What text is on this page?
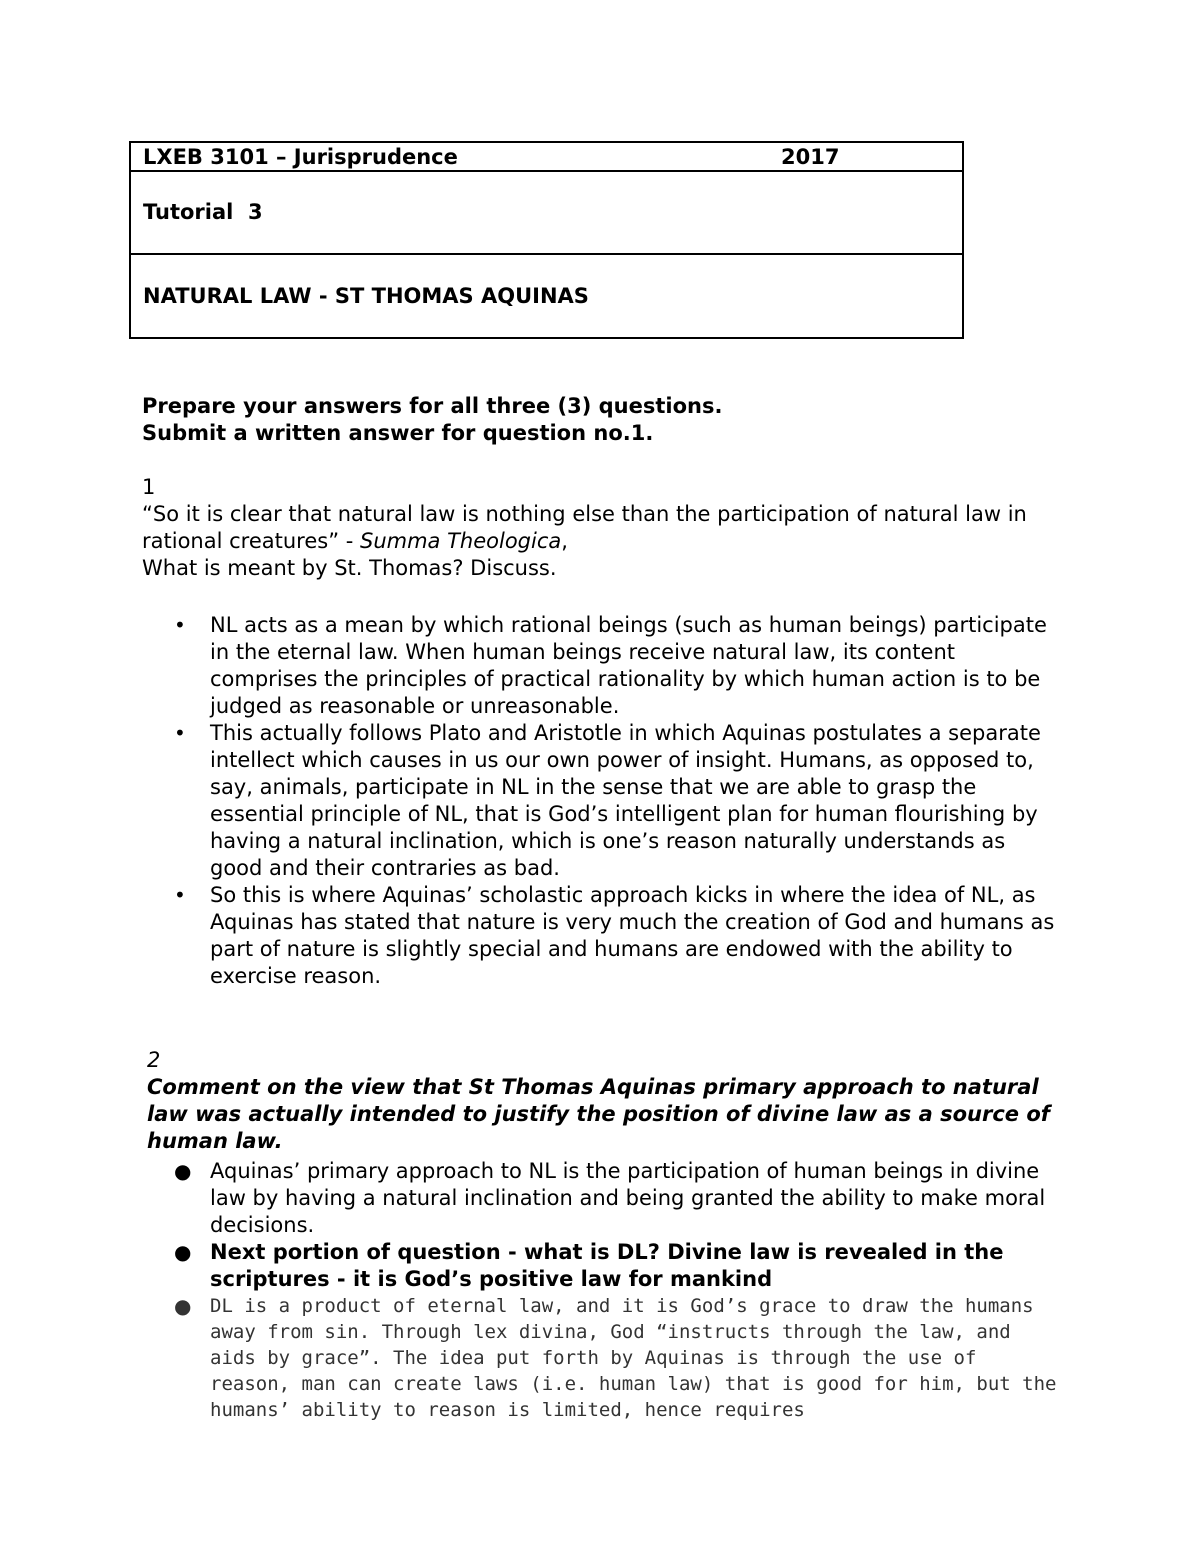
LXEB 3101 – Jurisprudence	2017
Tutorial  3
NATURAL LAW - ST THOMAS AQUINAS
Prepare your answers for all three (3) questions.
Submit a written answer for question no.1.
1
“So it is clear that natural law is nothing else than the participation of natural law in rational creatures” - Summa Theologica,
What is meant by St. Thomas? Discuss.
• NL acts as a mean by which rational beings (such as human beings) participate in the eternal law. When human beings receive natural law, its content comprises the principles of practical rationality by which human action is to be judged as reasonable or unreasonable.
• This actually follows Plato and Aristotle in which Aquinas postulates a separate intellect which causes in us our own power of insight. Humans, as opposed to, say, animals, participate in NL in the sense that we are able to grasp the essential principle of NL, that is God’s intelligent plan for human flourishing by having a natural inclination, which is one’s reason naturally understands as good and their contraries as bad.
• So this is where Aquinas’ scholastic approach kicks in where the idea of NL, as Aquinas has stated that nature is very much the creation of God and humans as part of nature is slightly special and humans are endowed with the ability to exercise reason.
2
Comment on the view that St Thomas Aquinas primary approach to natural law was actually intended to justify the position of divine law as a source of human law.
● Aquinas’ primary approach to NL is the participation of human beings in divine law by having a natural inclination and being granted the ability to make moral decisions.
● Next portion of question - what is DL? Divine law is revealed in the scriptures - it is God’s positive law for mankind
● DL is a product of eternal law, and it is God’s grace to draw the humans away from sin. Through lex divina, God “instructs through the law, and aids by grace”. The idea put forth by Aquinas is through the use of reason, man can create laws (i.e. human law) that is good for him, but the humans’ ability to reason is limited, hence requires
